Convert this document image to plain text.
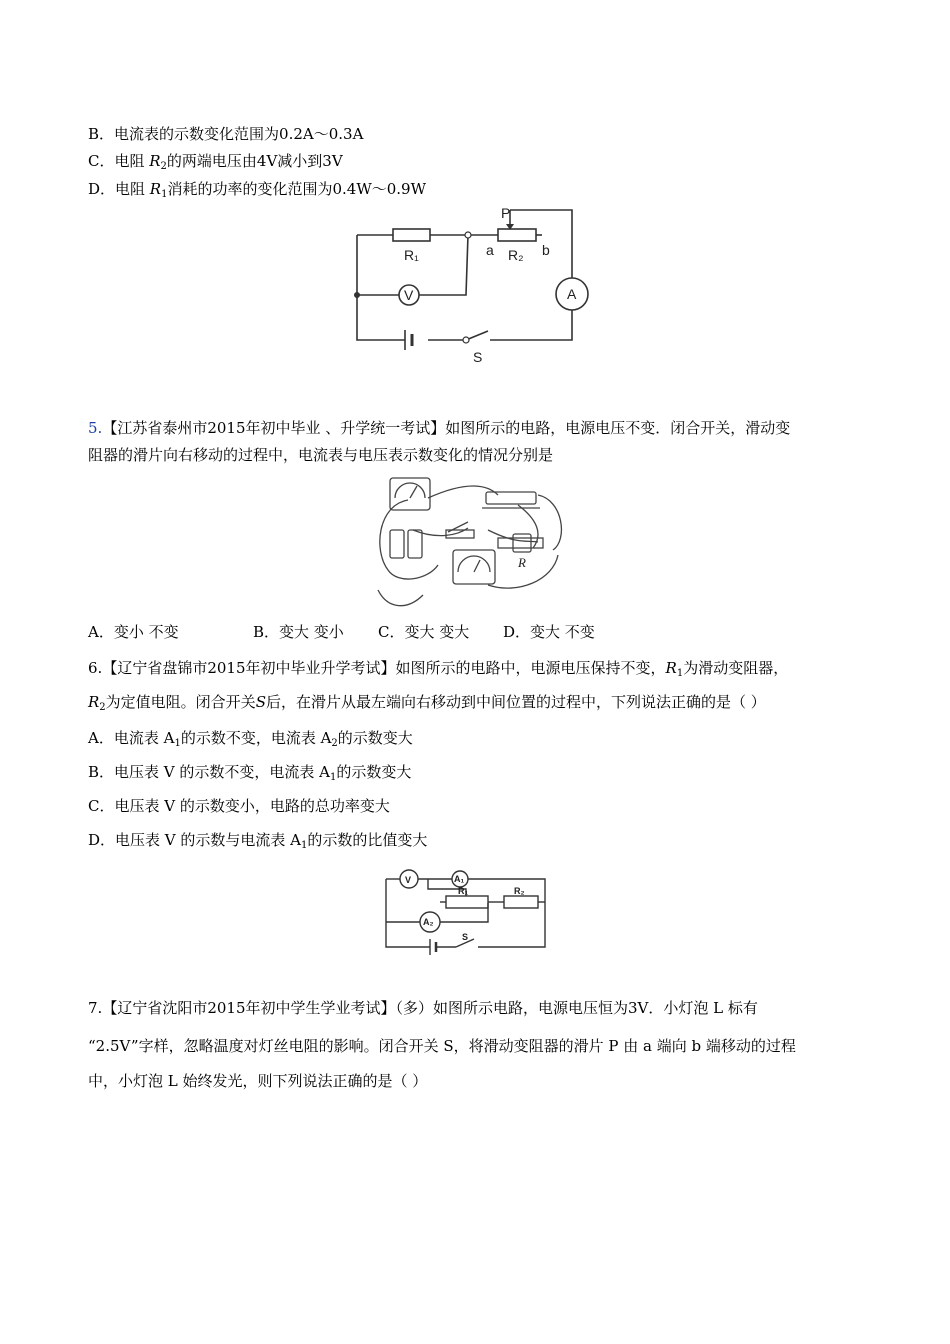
B．电流表的示数变化范围为0.2A～0.3A
C．电阻 $R_2$的两端电压由4V减小到3V
D．电阻 $R_1$消耗的功率的变化范围为0.4W～0.9W
R₁
V
R₂
P
a	b
A
S
5.【江苏省泰州市2015年初中毕业 、升学统一考试】如图所示的电路，电源电压不变．闭合开关，滑动变
阻器的滑片向右移动的过程中，电流表与电压表示数变化的情况分别是
R
A．变小 不变	B．变大 变小 C．变大 变大 D．变大 不变
6.【辽宁省盘锦市2015年初中毕业升学考试】如图所示的电路中，电源电压保持不变，$R_1$为滑动变阻器，
$R_2$为定值电阻。闭合开关S后，在滑片从最左端向右移动到中间位置的过程中，下列说法正确的是（ ）
A．电流表 $A_1$的示数不变，电流表 $A_2$的示数变大
B．电压表 V 的示数不变，电流表 $A_1$的示数变大
C．电压表 V 的示数变小，电路的总功率变大
D．电压表 V 的示数与电流表 $A_1$的示数的比值变大
V	A₁
A₂
R₁	R₂
S
7.【辽宁省沈阳市2015年初中学生学业考试】（多）如图所示电路，电源电压恒为3V．小灯泡 L 标有
“2.5V”字样，忽略温度对灯丝电阻的影响。闭合开关 S，将滑动变阻器的滑片 P 由 a 端向 b 端移动的过程
中，小灯泡 L 始终发光，则下列说法正确的是（ ）
